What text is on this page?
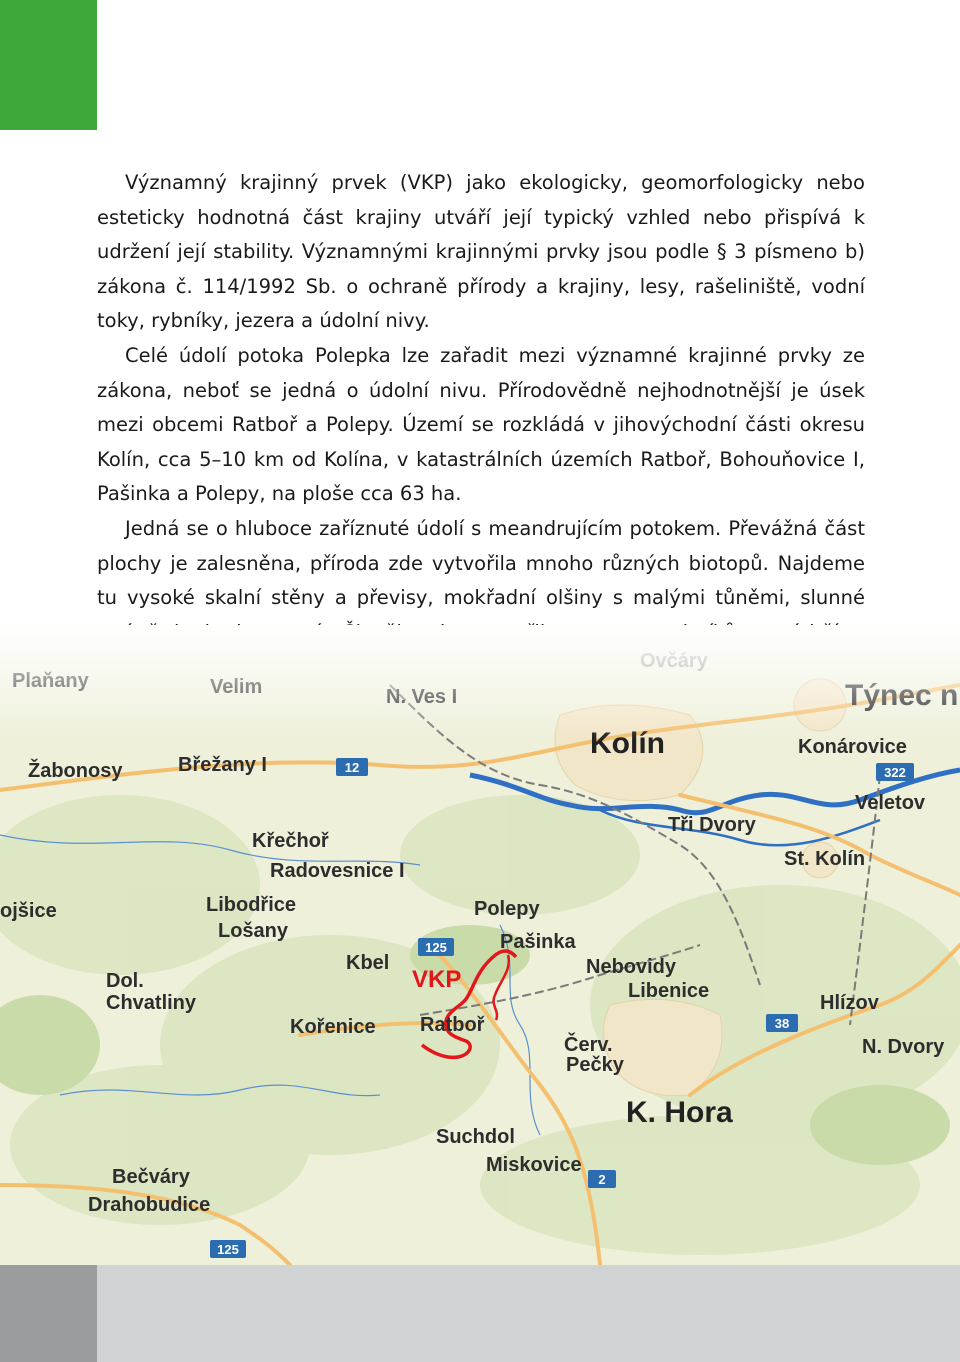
Významný krajinný prvek (VKP) jako ekologicky, geomorfologicky nebo esteticky hodnotná část krajiny utváří její typický vzhled nebo přispívá k udržení její stability. Významnými krajinnými prvky jsou podle § 3 písmeno b) zákona č. 114/1992 Sb. o ochraně přírody a krajiny, lesy, rašeliniště, vodní toky, rybníky, jezera a údolní nivy.

Celé údolí potoka Polepka lze zařadit mezi významné krajinné prvky ze zákona, neboť se jedná o údolní nivu. Přírodovědně nejhodnotnější je úsek mezi obcemi Ratboř a Polepy. Území se rozkládá v jihovýchodní části okresu Kolín, cca 5–10 km od Kolína, v katastrálních územích Ratboř, Bohouňovice I, Pašinka a Polepy, na ploše cca 63 ha.

Jedná se o hluboce zaříznuté údolí s meandrujícím potokem. Převážná část plochy je zalesněna, příroda zde vytvořila mnoho různých biotopů. Najdeme tu vysoké skalní stěny a převisy, mokřadní olšiny s malými tůněmi, slunné
